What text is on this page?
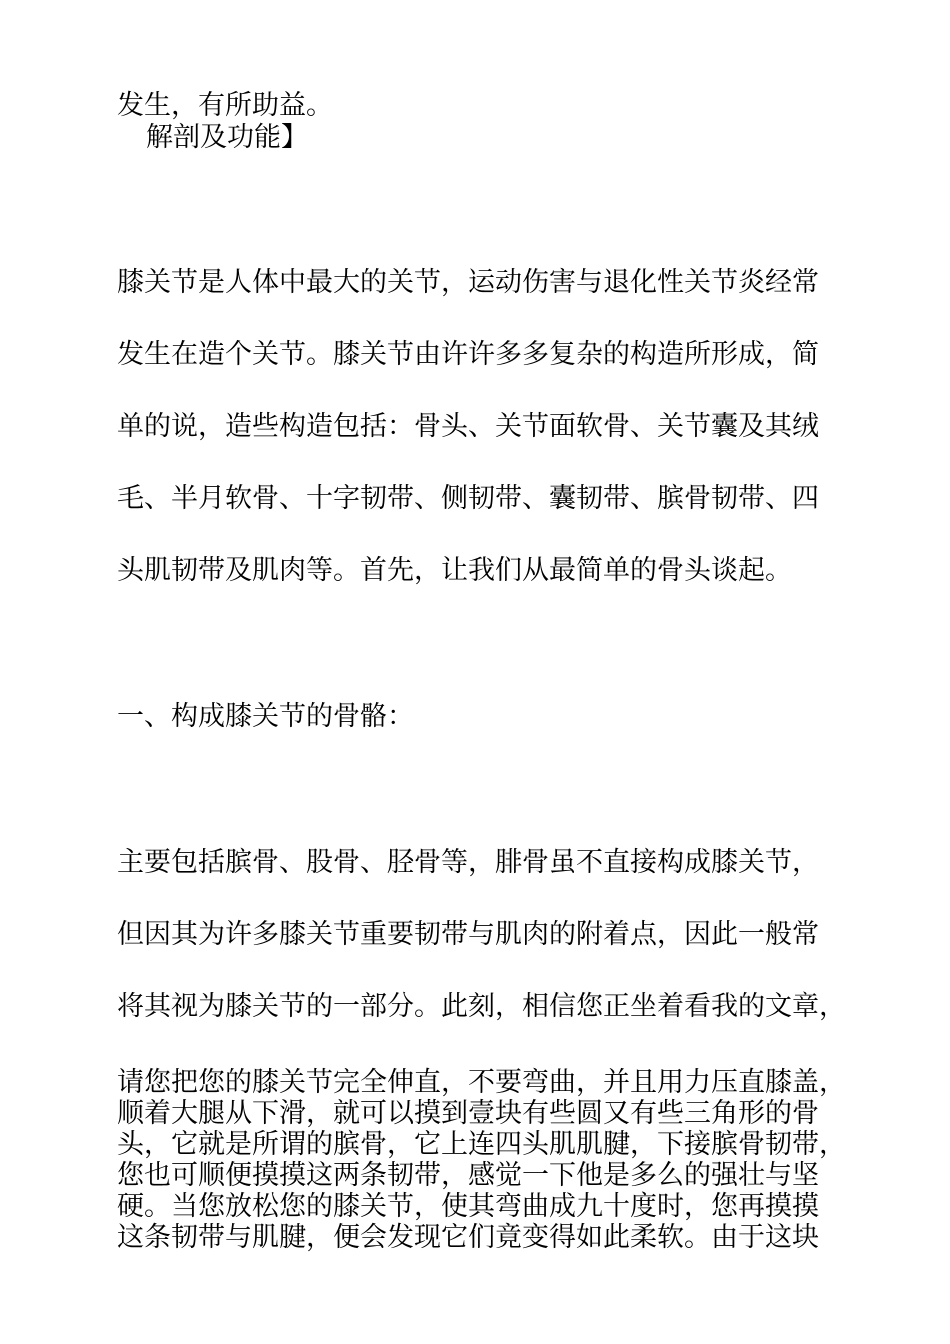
发生，有所助益。
解剖及功能】
膝关节是人体中最大的关节，运动伤害与退化性关节炎经常
发生在造个关节。膝关节由许许多多复杂的构造所形成，简
单的说，造些构造包括：骨头、关节面软骨、关节囊及其绒
毛、半月软骨、十字韧带、侧韧带、囊韧带、膑骨韧带、四
头肌韧带及肌肉等。首先，让我们从最简单的骨头谈起。
一、构成膝关节的骨骼：
主要包括膑骨、股骨、胫骨等，腓骨虽不直接构成膝关节，
但因其为许多膝关节重要韧带与肌肉的附着点，因此一般常
将其视为膝关节的一部分。此刻，相信您正坐着看我的文章，
请您把您的膝关节完全伸直，不要弯曲，并且用力压直膝盖，
顺着大腿从下滑，就可以摸到壹块有些圆又有些三角形的骨
头，它就是所谓的膑骨，它上连四头肌肌腱，下接膑骨韧带，
您也可顺便摸摸这两条韧带，感觉一下他是多么的强壮与坚
硬。当您放松您的膝关节，使其弯曲成九十度时，您再摸摸
这条韧带与肌腱，便会发现它们竟变得如此柔软。由于这块
